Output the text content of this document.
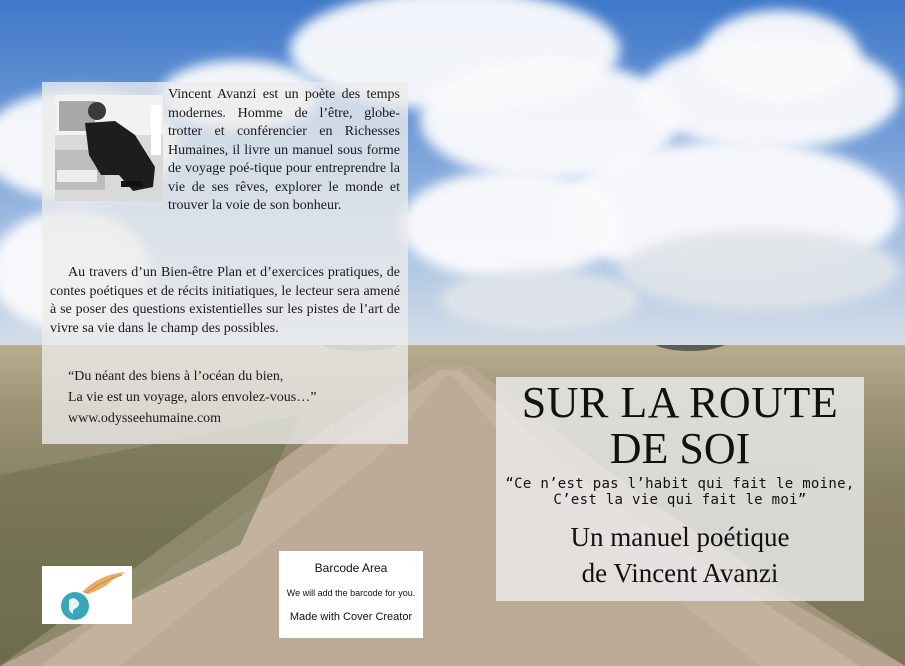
Vincent Avanzi est un poète des temps modernes. Homme de l’être, globe-trotter et conférencier en Richesses Humaines, il livre un manuel sous forme de voyage poé-tique pour entreprendre la vie de ses rêves, explorer le monde et trouver la voie de son bonheur.

Au travers d’un Bien-être Plan et d’exercices pratiques, de contes poétiques et de récits initiatiques, le lecteur sera amené à se poser des questions existentielles sur les pistes de l’art de vivre sa vie dans le champ des possibles.

“Du néant des biens à l’océan du bien,
La vie est un voyage, alors envolez-vous…”
www.odysseehumaine.com	SUR LA ROUTE
DE SOI
“Ce n’est pas l’habit qui fait le moine,
C’est la vie qui fait le moi”
Un manuel poétique
de Vincent Avanzi
Barcode Area
We will add the barcode for you.
Made with Cover Creator
